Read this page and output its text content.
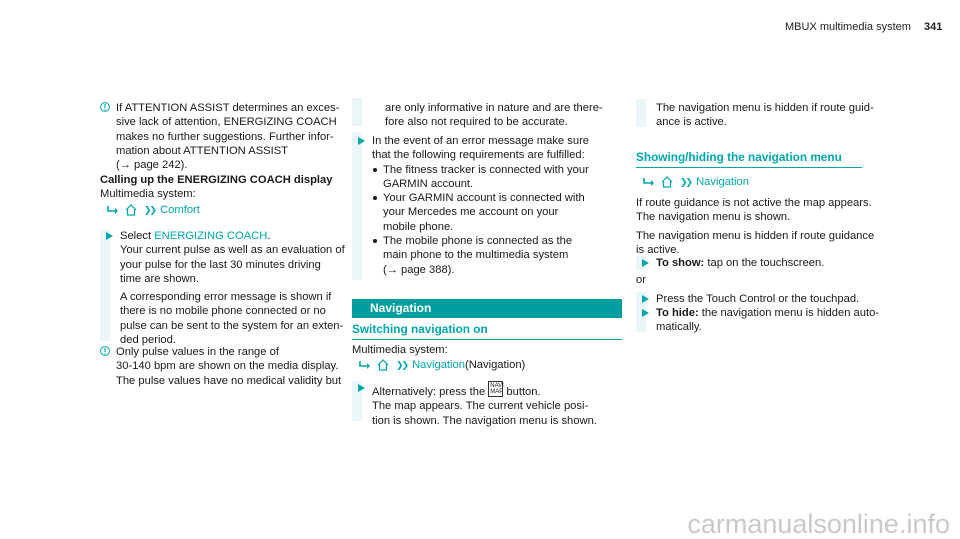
MBUX multimedia system 341

If ATTENTION ASSIST determines an exces-

sive lack of attention, ENERGIZING COACH

makes no further suggestions. Further infor-

mation about ATTENTION ASSIST

(→ page 242).

Calling up the ENERGIZING COACH display

Multimedia system:

❯❯ Comfort

Select ENERGIZING COACH.

Your current pulse as well as an evaluation of

your pulse for the last 30 minutes driving

time are shown.

A corresponding error message is shown if

there is no mobile phone connected or no

pulse can be sent to the system for an exten-

ded period.

Only pulse values in the range of

30-140 bpm are shown on the media display.

The pulse values have no medical validity but

are only informative in nature and are there-

fore also not required to be accurate.

In the event of an error message make sure

that the following requirements are fulfilled:

The fitness tracker is connected with your

GARMIN account.

Your GARMIN account is connected with

your Mercedes me account on your

mobile phone.

The mobile phone is connected as the

main phone to the multimedia system

(→ page 388).

Navigation
Switching navigation on

Multimedia system:

❯❯ Navigation (Navigation)

Alternatively: press the NAVI MAP button.

The map appears. The current vehicle posi-

tion is shown. The navigation menu is shown.

The navigation menu is hidden if route guid-

ance is active.

Showing/hiding the navigation menu
❯❯ Navigation

If route guidance is not active the map appears.

The navigation menu is shown.

The navigation menu is hidden if route guidance

is active.

To show: tap on the touchscreen.

or

Press the Touch Control or the touchpad.

To hide: the navigation menu is hidden auto-

matically.

carmanualsonline.info
